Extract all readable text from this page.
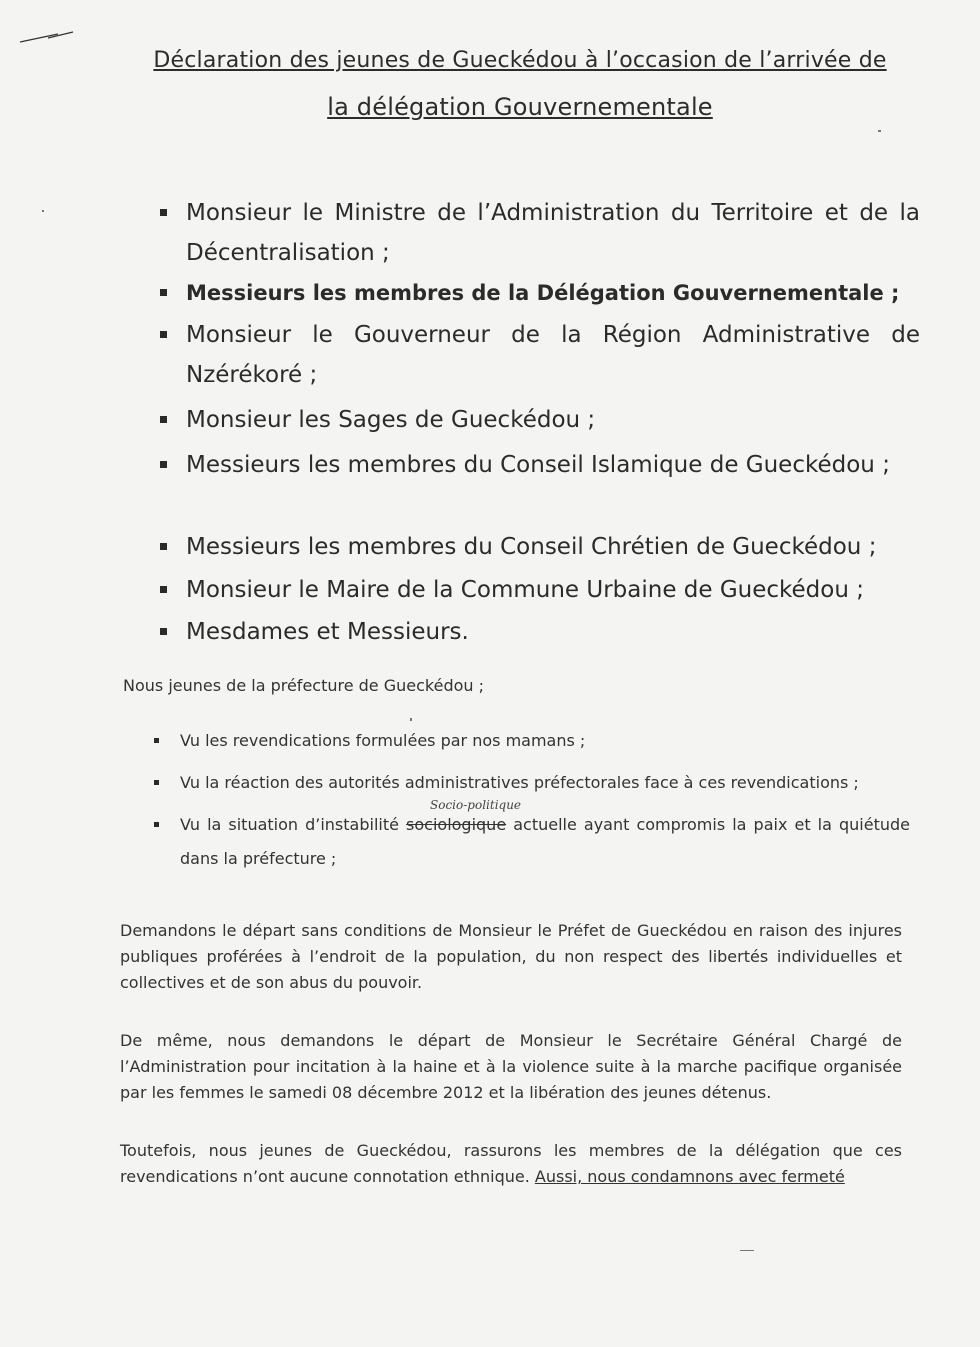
Déclaration des jeunes de Gueckédou à l’occasion de l’arrivée de
la délégation Gouvernementale
Monsieur le Ministre de l’Administration du Territoire et de la Décentralisation ;
Messieurs les membres de la Délégation Gouvernementale ;
Monsieur le Gouverneur de la Région Administrative de Nzérékoré ;
Monsieur les Sages de Gueckédou ;
Messieurs les membres du Conseil Islamique de Gueckédou ;
Messieurs les membres du Conseil Chrétien de Gueckédou ;
Monsieur le Maire de la Commune Urbaine de Gueckédou ;
Mesdames et Messieurs.
Nous jeunes de la préfecture de Gueckédou ;
Vu les revendications formulées par nos mamans ;
Vu la réaction des autorités administratives préfectorales face à ces revendications ;
Vu la situation d’instabilité sociologique actuelle ayant compromis la paix et la quiétude dans la préfecture ;
Socio-politique
Demandons le départ sans conditions de Monsieur le Préfet de Gueckédou en raison des injures publiques proférées à l’endroit de la population, du non respect des libertés individuelles et collectives et de son abus du pouvoir.
De même, nous demandons le départ de Monsieur le Secrétaire Général Chargé de l’Administration pour incitation à la haine et à la violence suite à la marche pacifique organisée par les femmes le samedi 08 décembre 2012 et la libération des jeunes détenus.
Toutefois, nous jeunes de Gueckédou, rassurons les membres de la délégation que ces revendications n’ont aucune connotation ethnique. Aussi, nous condamnons avec fermeté
